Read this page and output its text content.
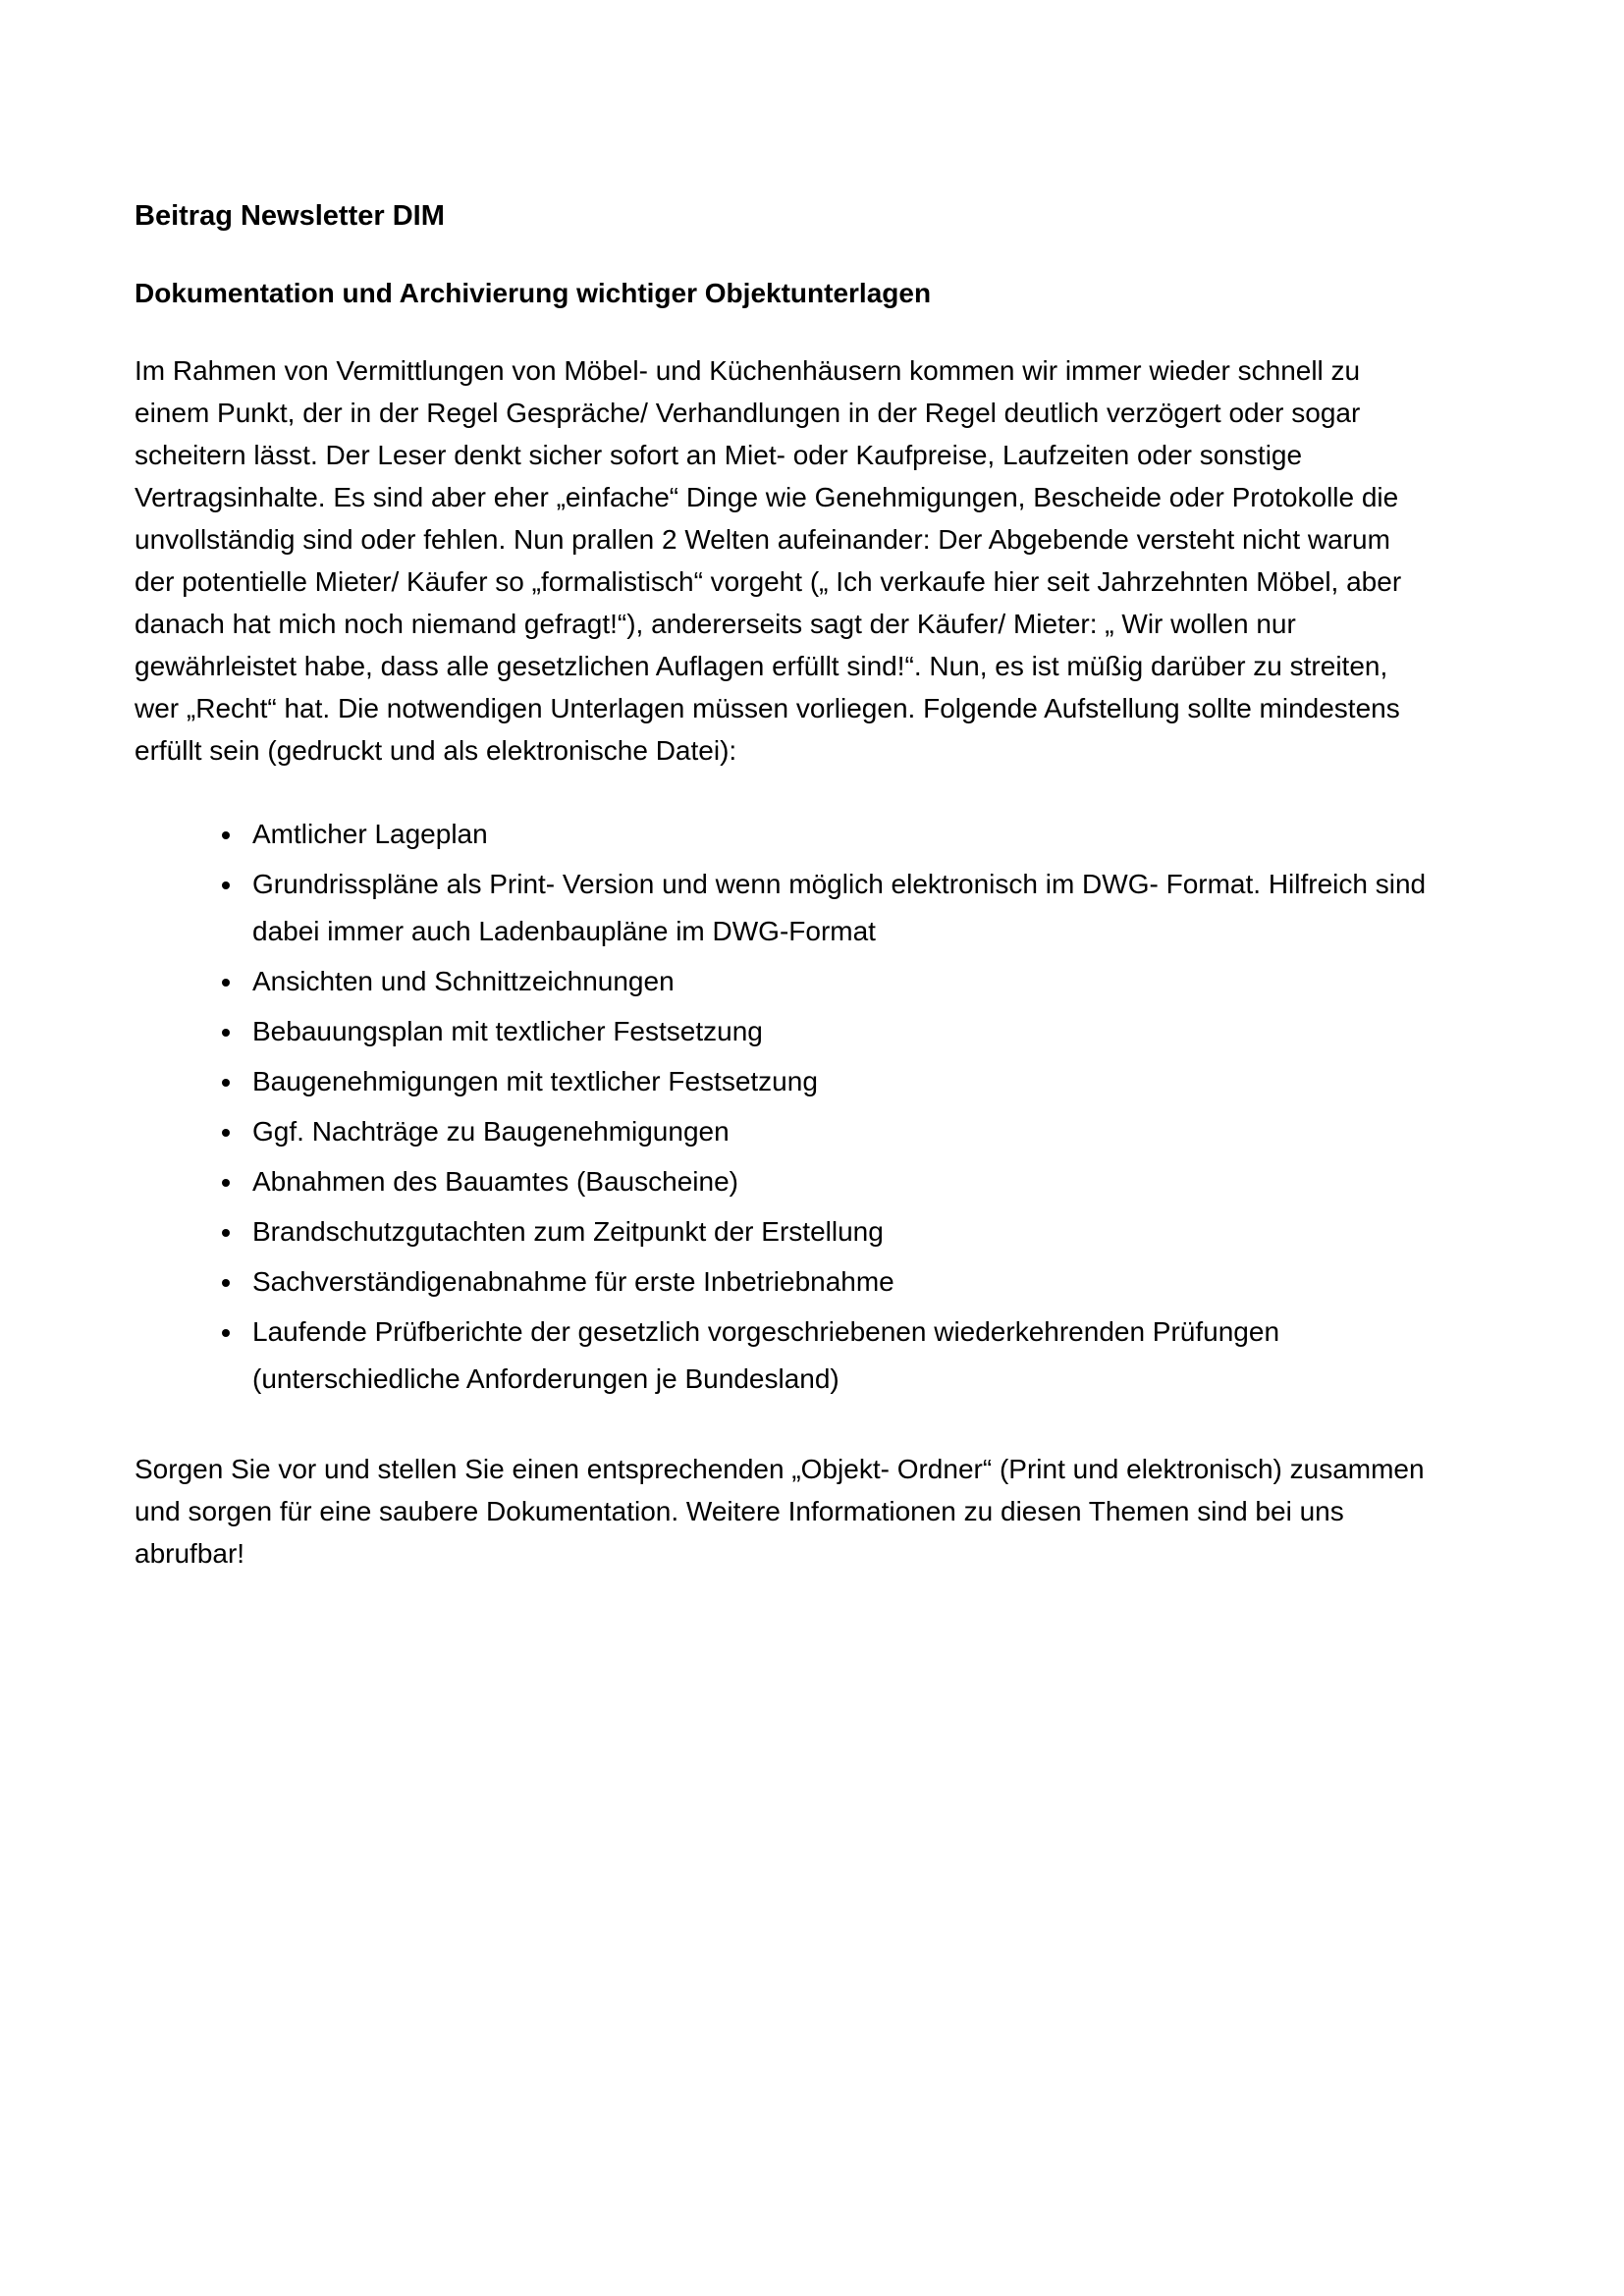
Beitrag Newsletter DIM

Dokumentation und Archivierung wichtiger Objektunterlagen

Im Rahmen von Vermittlungen von Möbel- und Küchenhäusern kommen wir immer wieder schnell zu einem Punkt, der in der Regel Gespräche/ Verhandlungen in der Regel deutlich verzögert oder sogar scheitern lässt. Der Leser denkt sicher sofort an Miet- oder Kaufpreise, Laufzeiten oder sonstige Vertragsinhalte. Es sind aber eher „einfache“ Dinge wie Genehmigungen, Bescheide oder Protokolle die unvollständig sind oder fehlen. Nun prallen 2 Welten aufeinander: Der Abgebende versteht nicht warum der potentielle Mieter/ Käufer so „formalistisch“ vorgeht („ Ich verkaufe hier seit Jahrzehnten Möbel, aber danach hat mich noch niemand gefragt!“), andererseits sagt der Käufer/ Mieter: „ Wir wollen nur gewährleistet habe, dass alle gesetzlichen Auflagen erfüllt sind!“. Nun, es ist müßig darüber zu streiten, wer „Recht“ hat. Die notwendigen Unterlagen müssen vorliegen. Folgende Aufstellung sollte mindestens erfüllt sein (gedruckt und als elektronische Datei):

• Amtlicher Lageplan
• Grundrisspläne als Print- Version und wenn möglich elektronisch im DWG- Format. Hilfreich sind dabei immer auch Ladenbaupläne im DWG-Format
• Ansichten und Schnittzeichnungen
• Bebauungsplan mit textlicher Festsetzung
• Baugenehmigungen mit textlicher Festsetzung
• Ggf. Nachträge zu Baugenehmigungen
• Abnahmen des Bauamtes (Bauscheine)
• Brandschutzgutachten zum Zeitpunkt der Erstellung
• Sachverständigenabnahme für erste Inbetriebnahme
• Laufende Prüfberichte der gesetzlich vorgeschriebenen wiederkehrenden Prüfungen (unterschiedliche Anforderungen je Bundesland)

Sorgen Sie vor und stellen Sie einen entsprechenden „Objekt- Ordner“ (Print und elektronisch) zusammen und sorgen für eine saubere Dokumentation. Weitere Informationen zu diesen Themen sind bei uns abrufbar!
